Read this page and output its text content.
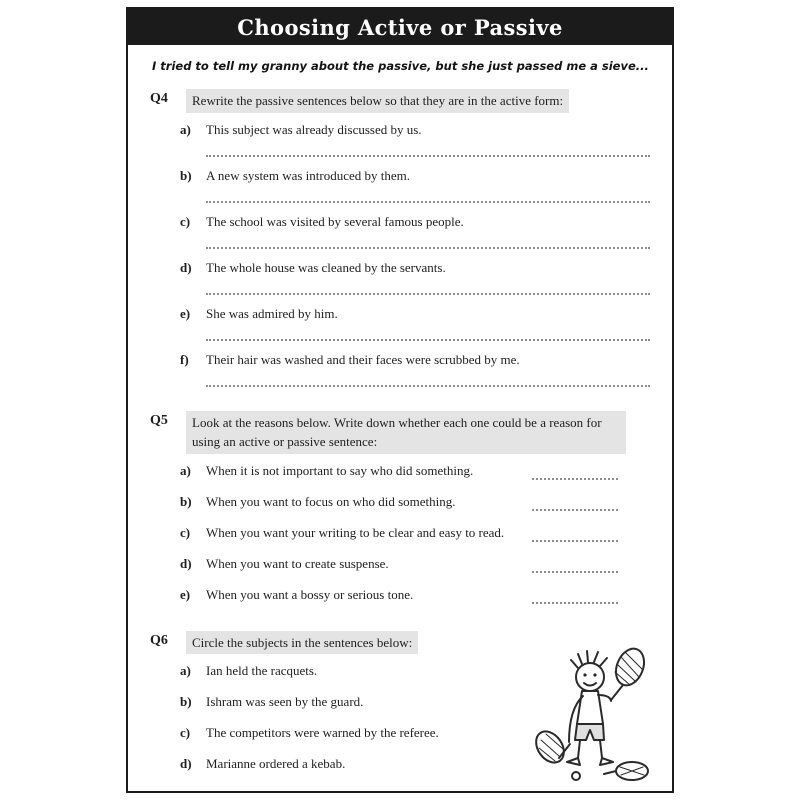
Choosing Active or Passive

I tried to tell my granny about the passive, but she just passed me a sieve...

Q4	Rewrite the passive sentences below so that they are in the active form:
a)	This subject was already discussed by us.
b)	A new system was introduced by them.
c)	The school was visited by several famous people.
d)	The whole house was cleaned by the servants.
e)	She was admired by him.
f)	Their hair was washed and their faces were scrubbed by me.
Q5	Look at the reasons below. Write down whether each one could be a reason for using an active or passive sentence:
a)	When it is not important to say who did something.
b)	When you want to focus on who did something.
c)	When you want your writing to be clear and easy to read.
d)	When you want to create suspense.
e)	When you want a bossy or serious tone.
Q6	Circle the subjects in the sentences below:
a)	Ian held the racquets.
b)	Ishram was seen by the guard.
c)	The competitors were warned by the referee.
d)	Marianne ordered a kebab.
